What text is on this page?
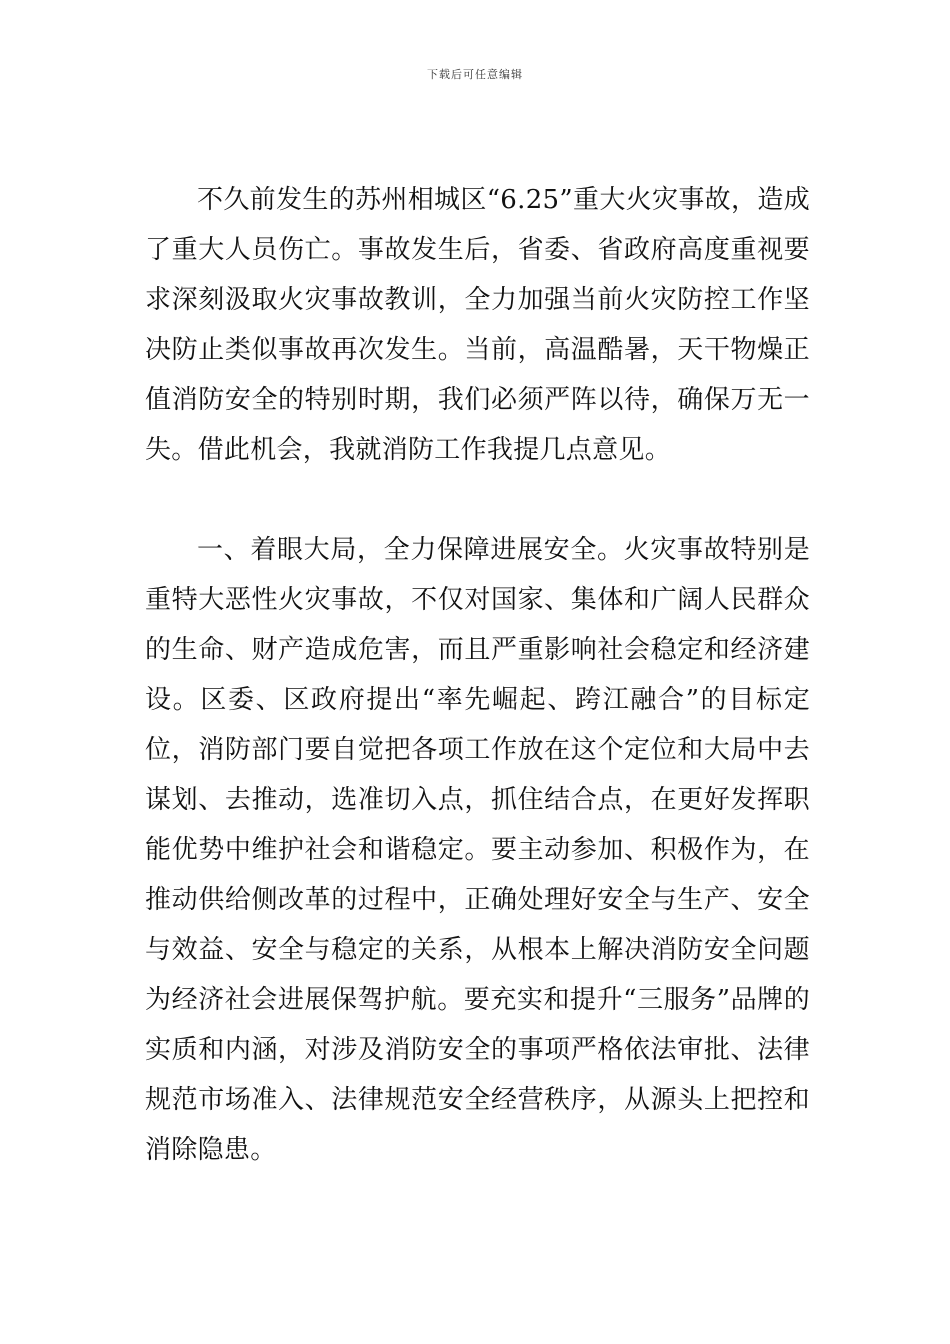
下载后可任意编辑

不久前发生的苏州相城区“6.25”重大火灾事故，造成了重大人员伤亡。事故发生后，省委、省政府高度重视要求深刻汲取火灾事故教训，全力加强当前火灾防控工作坚决防止类似事故再次发生。当前，高温酷暑，天干物燥正值消防安全的特别时期，我们必须严阵以待，确保万无一失。借此机会，我就消防工作我提几点意见。

一、着眼大局，全力保障进展安全。火灾事故特别是重特大恶性火灾事故，不仅对国家、集体和广阔人民群众的生命、财产造成危害，而且严重影响社会稳定和经济建设。区委、区政府提出“率先崛起、跨江融合”的目标定位，消防部门要自觉把各项工作放在这个定位和大局中去谋划、去推动，选准切入点，抓住结合点，在更好发挥职能优势中维护社会和谐稳定。要主动参加、积极作为，在推动供给侧改革的过程中，正确处理好安全与生产、安全与效益、安全与稳定的关系，从根本上解决消防安全问题为经济社会进展保驾护航。要充实和提升“三服务”品牌的实质和内涵，对涉及消防安全的事项严格依法审批、法律规范市场准入、法律规范安全经营秩序，从源头上把控和消除隐患。
